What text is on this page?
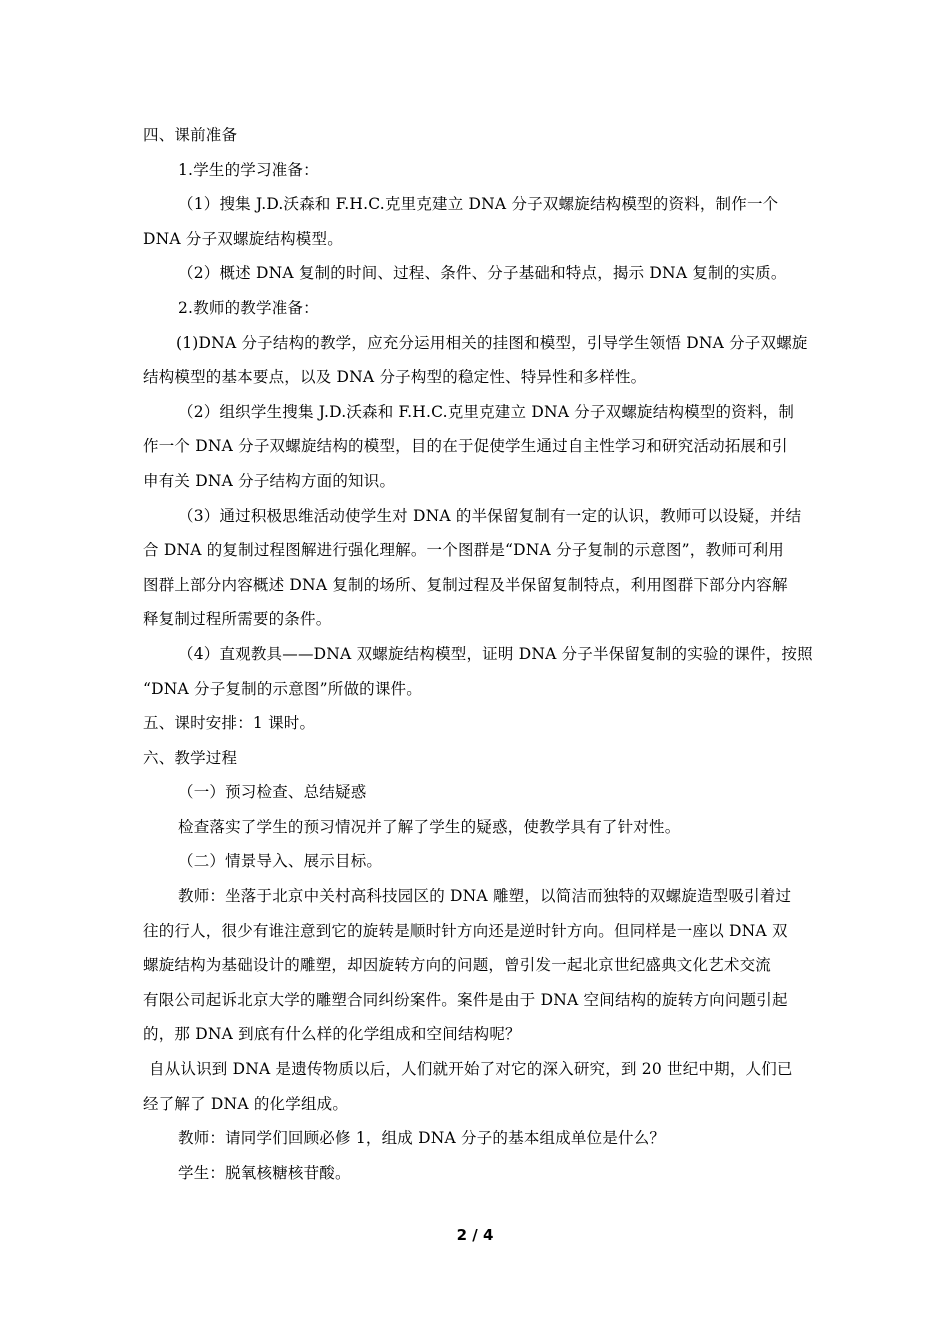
四、课前准备
1.学生的学习准备：
（1）搜集 J.D.沃森和 F.H.C.克里克建立 DNA 分子双螺旋结构模型的资料，制作一个
DNA 分子双螺旋结构模型。
（2）概述 DNA 复制的时间、过程、条件、分子基础和特点，揭示 DNA 复制的实质。
2.教师的教学准备：
(1)DNA 分子结构的教学，应充分运用相关的挂图和模型，引导学生领悟 DNA 分子双螺旋
结构模型的基本要点，以及 DNA 分子构型的稳定性、特异性和多样性。
（2）组织学生搜集 J.D.沃森和 F.H.C.克里克建立 DNA 分子双螺旋结构模型的资料，制
作一个 DNA 分子双螺旋结构的模型，目的在于促使学生通过自主性学习和研究活动拓展和引
申有关 DNA 分子结构方面的知识。
（3）通过积极思维活动使学生对 DNA 的半保留复制有一定的认识，教师可以设疑，并结
合 DNA 的复制过程图解进行强化理解。一个图群是“DNA 分子复制的示意图”，教师可利用
图群上部分内容概述 DNA 复制的场所、复制过程及半保留复制特点，利用图群下部分内容解
释复制过程所需要的条件。
（4）直观教具——DNA 双螺旋结构模型，证明 DNA 分子半保留复制的实验的课件，按照
“DNA 分子复制的示意图”所做的课件。
五、课时安排：1 课时。
六、教学过程
（一）预习检查、总结疑惑
检查落实了学生的预习情况并了解了学生的疑惑，使教学具有了针对性。
（二）情景导入、展示目标。
教师：坐落于北京中关村高科技园区的 DNA 雕塑，以简洁而独特的双螺旋造型吸引着过
往的行人，很少有谁注意到它的旋转是顺时针方向还是逆时针方向。但同样是一座以 DNA 双
螺旋结构为基础设计的雕塑，却因旋转方向的问题，曾引发一起北京世纪盛典文化艺术交流
有限公司起诉北京大学的雕塑合同纠纷案件。案件是由于 DNA 空间结构的旋转方向问题引起
的，那 DNA 到底有什么样的化学组成和空间结构呢？
自从认识到 DNA 是遗传物质以后，人们就开始了对它的深入研究，到 20 世纪中期，人们已
经了解了 DNA 的化学组成。
教师：请同学们回顾必修 1，组成 DNA 分子的基本组成单位是什么？
学生：脱氧核糖核苷酸。
2 / 4
